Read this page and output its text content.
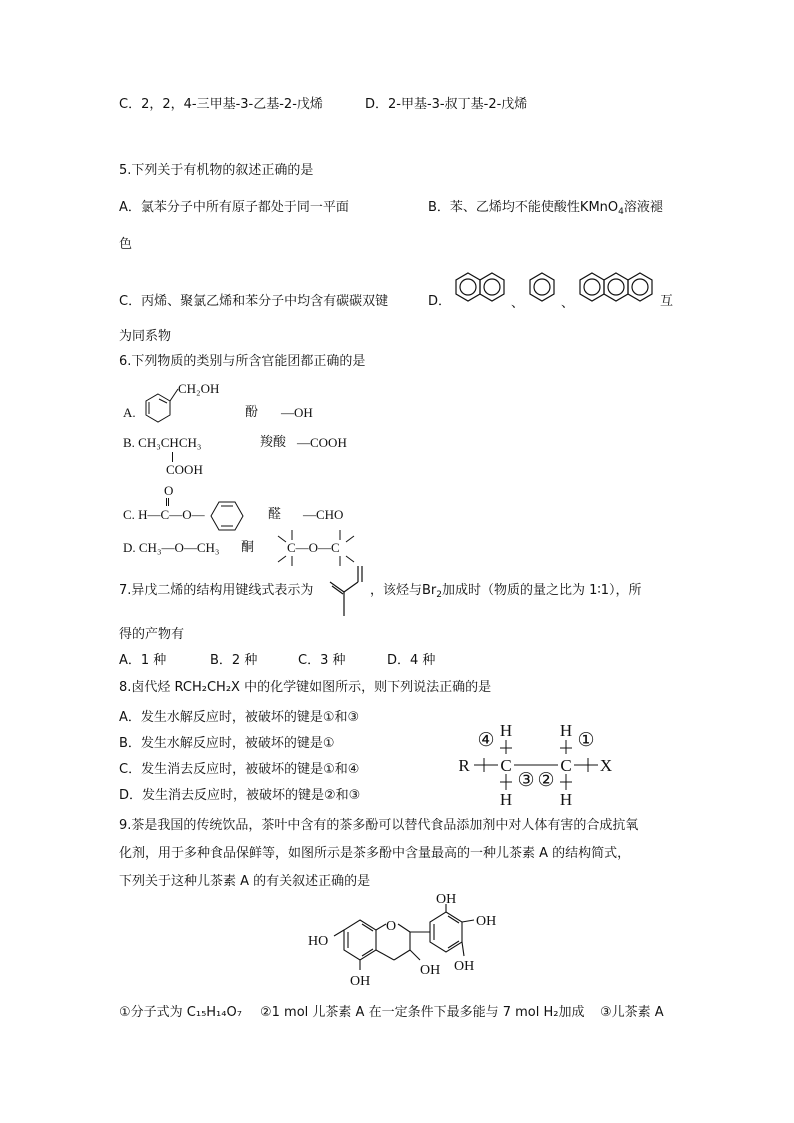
C．2，2，4-三甲基-3-乙基-2-戊烯	D．2-甲基-3-叔丁基-2-戊烯
5.下列关于有机物的叙述正确的是
A．氯苯分子中所有原子都处于同一平面	B．苯、乙烯均不能使酸性KMnO$_4$溶液褪
色
C．丙烯、聚氯乙烯和苯分子中均含有碳碳双键	D．	、	、	互
为同系物
6.下列物质的类别与所含官能团都正确的是
A.
CH₂OH
酚 —OH
B. CH₃CHCH₃
COOH
羧酸 —COOH
O
C. H—C—O—	醛 —CHO
D. CH₃—O—CH₃ 酮	C—O—C
7.异戊二烯的结构用键线式表示为	，该烃与$Br_2$加成时（物质的量之比为 1∶1），所
得的产物有
A．1 种	B．2 种	C．3 种	D．4 种
8.卤代烃 RCH₂CH₂X 中的化学键如图所示，则下列说法正确的是
A．发生水解反应时，被破坏的键是①和③
B．发生水解反应时，被破坏的键是①
C．发生消去反应时，被破坏的键是①和④
D．发生消去反应时，被破坏的键是②和③
R C	C X
H	H
H	H
④	①
③ ②
9.茶是我国的传统饮品，茶叶中含有的茶多酚可以替代食品添加剂中对人体有害的合成抗氧
化剂，用于多种食品保鲜等，如图所示是茶多酚中含量最高的一种儿茶素 A 的结构简式，
下列关于这种儿茶素 A 的有关叙述正确的是
HO
O
OH
OH
OH
OH
OH
①分子式为 C₁₅H₁₄O₇ ②1 mol 儿茶素 A 在一定条件下最多能与 7 mol H₂加成 ③儿茶素 A
